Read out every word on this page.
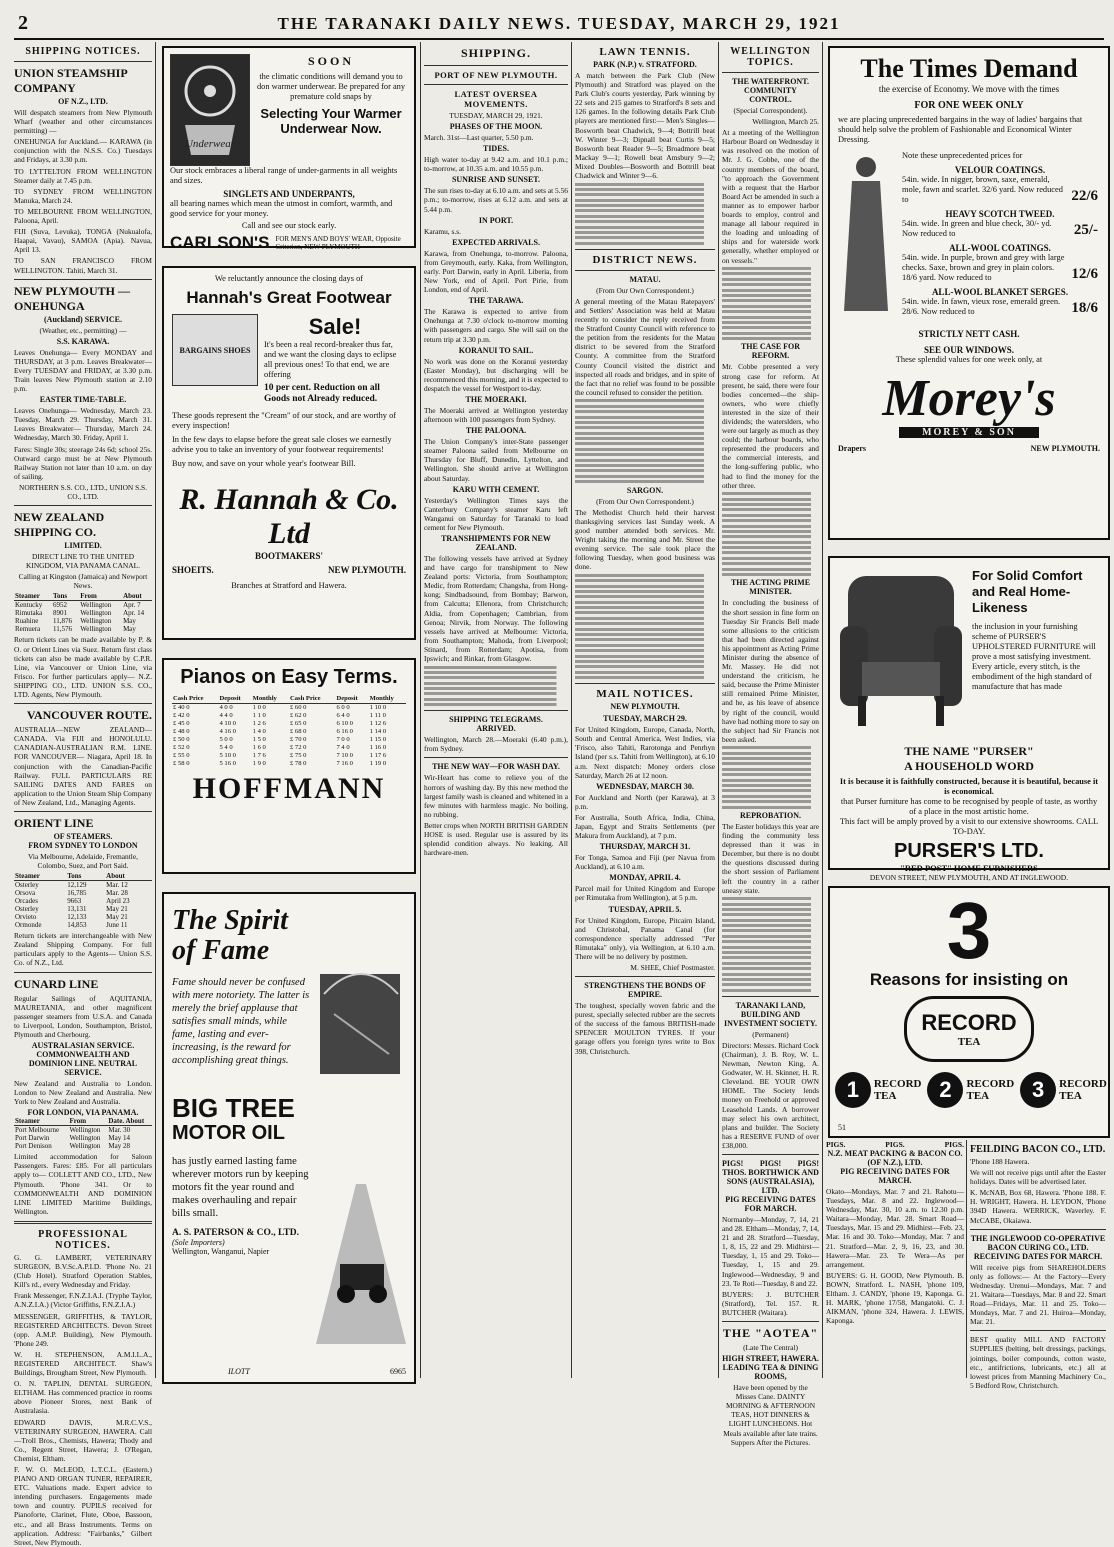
2	THE TARANAKI DAILY NEWS. TUESDAY, MARCH 29, 1921
SHIPPING NOTICES.
UNION STEAMSHIP COMPANY
OF N.Z., LTD.
Will despatch steamers from New Plymouth Wharf (weather and other circumstances permitting) —
ONEHUNGA for Auckland.— KARAWA (in conjunction with the N.S.S. Co.) Tuesdays and Fridays, at 3.30 p.m.
TO LYTTELTON FROM WELLINGTON Steamer daily at 7.45 p.m.
TO SYDNEY FROM WELLINGTON Manuka, March 24.
TO MELBOURNE FROM WELLINGTON, Paloona, April.
FIJI (Suva, Levuka), TONGA (Nukualofa, Haapai, Vavau), SAMOA (Apia). Navua, April 13.
TO SAN FRANCISCO FROM WELLINGTON. Tahiti, March 31.
NEW PLYMOUTH — ONEHUNGA
(Auckland) SERVICE.
(Weather, etc., permitting) —
S.S. KARAWA.
Leaves Onehunga— Every MONDAY and THURSDAY, at 3 p.m. Leaves Breakwater— Every TUESDAY and FRIDAY, at 3.30 p.m. Train leaves New Plymouth station at 2.10 p.m.
EASTER TIME-TABLE.
Leaves Onehunga— Wednesday, March 23. Tuesday, March 29. Thursday, March 31. Leaves Breakwater— Thursday, March 24. Wednesday, March 30. Friday, April 1.
Fares: Single 30s; steerage 24s 6d; school 25s. Outward cargo must be at New Plymouth Railway Station not later than 10 a.m. on day of sailing.
NORTHERN S.S. CO., LTD., UNION S.S. CO., LTD.
NEW ZEALAND SHIPPING CO.
LIMITED.
DIRECT LINE TO THE UNITED KINGDOM, VIA PANAMA CANAL.
Calling at Kingston (Jamaica) and Newport News.
Steamer	Tons	From	About
Kentucky	6952	Wellington	Apr. 7
Rimutaka	8901	Wellington	Apr. 14
Ruahine	11,876	Wellington	May
Remuera	11,576	Wellington	May
Return tickets can be made available by P. & O. or Orient Lines via Suez. Return first class tickets can also be made available by C.P.R. Line, via Vancouver or Union Line, via Frisco. For further particulars apply— N.Z. SHIPPING CO., LTD. UNION S.S. CO., LTD. Agents, New Plymouth.
VANCOUVER ROUTE.
AUSTRALIA—NEW ZEALAND—CANADA. Via FIJI and HONOLULU. CANADIAN-AUSTRALIAN R.M. LINE. FOR VANCOUVER— Niagara, April 18. In conjunction with the Canadian-Pacific Railway. FULL PARTICULARS RE SAILING DATES AND FARES on application to the Union Steam Ship Company of New Zealand, Ltd., Managing Agents.
ORIENT LINE
OF STEAMERS.
FROM SYDNEY TO LONDON
Via Melbourne, Adelaide, Fremantle, Colombo, Suez, and Port Said.
Steamer	Tons	About
Osterley	12,129	Mar. 12
Orsova	16,785	Mar. 28
Orcades	9663	April 23
Osterley	13,131	May 21
Orvieto	12,133	May 21
Ormonde	14,853	June 11
Return tickets are interchangeable with New Zealand Shipping Company. For full particulars apply to the Agents— Union S.S. Co. of N.Z., Ltd.
CUNARD LINE
Regular Sailings of AQUITANIA, MAURETANIA, and other magnificent passenger steamers from U.S.A. and Canada to Liverpool, London, Southampton, Bristol, Plymouth and Cherbourg.
AUSTRALASIAN SERVICE.
COMMONWEALTH AND DOMINION LINE. NEUTRAL SERVICE.
New Zealand and Australia to London. London to New Zealand and Australia. New York to New Zealand and Australia.
FOR LONDON, VIA PANAMA.
Steamer	From	Date. About
Port Melbourne	Wellington	Mar. 30
Port Darwin	Wellington	May 14
Port Denison	Wellington	May 28
Limited accommodation for Saloon Passengers. Fares: £85. For all particulars apply to— COLLETT AND CO., LTD., New Plymouth. 'Phone 341. Or to COMMONWEALTH AND DOMINION LINE LIMITED Maritime Buildings, Wellington.
PROFESSIONAL NOTICES.
G. G. LAMBERT, VETERINARY SURGEON, B.V.Sc.A.P.I.D. 'Phone No. 21 (Club Hotel). Stratford Operation Stables, Kill's rd., every Wednesday and Friday.
Frank Messenger, F.N.Z.I.A.I. (Tryphe Taylor, A.N.Z.I.A.) (Victor Griffiths, F.N.Z.I.A.)
MESSENGER, GRIFFITHS, & TAYLOR, REGISTERED ARCHITECTS. Devon Street (opp. A.M.P. Building), New Plymouth. 'Phone 249.
W. H. STEPHENSON, A.M.I.L.A., REGISTERED ARCHITECT. Shaw's Buildings, Brougham Street, New Plymouth.
O. N. TAPLIN, DENTAL SURGEON, ELTHAM. Has commenced practice in rooms above Pioneer Stores, next Bank of Australasia.
EDWARD DAVIS, M.R.C.V.S., VETERINARY SURGEON, HAWERA. Call—Troll Bros., Chemists, Hawera; Thody and Co., Regent Street, Hawera; J. O'Regan, Chemist, Eltham.
F. W. O. McLEOD, L.T.C.L. (Eastern.) PIANO AND ORGAN TUNER, REPAIRER, ETC. Valuations made. Expert advice to intending purchasers. Engagements made town and country. PUPILS received for Pianoforte, Clarinet, Flute, Oboe, Bassoon, etc., and all Brass Instruments. Terms on application. Address: "Fairbanks," Gilbert Street, New Plymouth.
Underwear
SOON
the climatic conditions will demand you to don warmer underwear. Be prepared for any premature cold snaps by
Selecting Your Warmer Underwear Now.
Our stock embraces a liberal range of under-garments in all weights and sizes.
SINGLETS AND UNDERPANTS,
all bearing names which mean the utmost in comfort, warmth, and good service for your money.
Call and see our stock early.
CARLSON'S FOR MEN'S AND BOYS' WEAR, Opposite Criterion, NEW PLYMOUTH
We reluctantly announce the closing days of
Hannah's Great Footwear
BARGAINS SHOES
Sale!
It's been a real record-breaker thus far, and we want the closing days to eclipse all previous ones! To that end, we are offering
10 per cent. Reduction on all Goods not Already reduced.
These goods represent the "Cream" of our stock, and are worthy of every inspection!
In the few days to elapse before the great sale closes we earnestly advise you to take an inventory of your footwear requirements!
Buy now, and save on your whole year's footwear Bill.
R. Hannah & Co. Ltd
BOOTMAKERS'
SHOEITS.	NEW PLYMOUTH.
Branches at Stratford and Hawera.
Pianos on Easy Terms.
Cash Price	Deposit	Monthly	Cash Price	Deposit	Monthly
£ 40 0	4 0 0	1 0 0	£ 60 0	6 0 0	1 10 0
£ 42 0	4 4 0	1 1 0	£ 62 0	6 4 0	1 11 0
£ 45 0	4 10 0	1 2 6	£ 65 0	6 10 0	1 12 6
£ 48 0	4 16 0	1 4 0	£ 68 0	6 16 0	1 14 0
£ 50 0	5 0 0	1 5 0	£ 70 0	7 0 0	1 15 0
£ 52 0	5 4 0	1 6 0	£ 72 0	7 4 0	1 16 0
£ 55 0	5 10 0	1 7 6	£ 75 0	7 10 0	1 17 6
£ 58 0	5 16 0	1 9 0	£ 78 0	7 16 0	1 19 0
HOFFMANN
The Spirit of Fame
Fame should never be confused with mere notoriety. The latter is merely the brief applause that satisfies small minds, while fame, lasting and ever-increasing, is the reward for accomplishing great things.
BIG TREE
MOTOR OIL
has justly earned lasting fame wherever motors run by keeping motors fit the year round and makes overhauling and repair bills small.
A. S. PATERSON & CO., LTD.
(Sole Importers)
Wellington, Wanganui, Napier
ILOTT	6965
SHIPPING.
PORT OF NEW PLYMOUTH.
LATEST OVERSEA MOVEMENTS.
TUESDAY, MARCH 29, 1921.
PHASES OF THE MOON.
March. 31st—Last quarter, 5.50 p.m.
TIDES.
High water to-day at 9.42 a.m. and 10.1 p.m.; to-morrow, at 10.35 a.m. and 10.55 p.m.
SUNRISE AND SUNSET.
The sun rises to-day at 6.10 a.m. and sets at 5.56 p.m.; to-morrow, rises at 6.12 a.m. and sets at 5.44 p.m.
IN PORT.
Karamu, s.s.
EXPECTED ARRIVALS.
Karawa, from Onehunga, to-morrow. Paloona, from Greymouth, early. Kaka, from Wellington, early. Port Darwin, early in April. Liberia, from New York, end of April. Port Pirie, from London, end of April.
THE TARAWA.
The Karawa is expected to arrive from Onehunga at 7.30 o'clock to-morrow morning with passengers and cargo. She will sail on the return trip at 3.30 p.m.
KORANUI TO SAIL.
No work was done on the Koranui yesterday (Easter Monday), but discharging will be recommenced this morning, and it is expected to despatch the vessel for Westport to-day.
THE MOERAKI.
The Moeraki arrived at Wellington yesterday afternoon with 100 passengers from Sydney.
THE PALOONA.
The Union Company's inter-State passenger steamer Paloona sailed from Melbourne on Thursday for Bluff, Dunedin, Lyttelton, and Wellington. She should arrive at Wellington about Saturday.
KARU WITH CEMENT.
Yesterday's Wellington Times says the Canterbury Company's steamer Karu left Wanganui on Saturday for Taranaki to load cement for New Plymouth.
TRANSHIPMENTS FOR NEW ZEALAND.
The following vessels have arrived at Sydney and have cargo for transhipment to New Zealand ports: Victoria, from Southampton; Medic, from Rotterdam; Changsha, from Hong-kong; Sindbadsound, from Bombay; Barwon, from Calcutta; Ellenora, from Christchurch; Aldia, from Copenhagen; Cambrian, from Genoa; Nirvik, from Norway. The following vessels have arrived at Melbourne: Victoria, from Southampton; Mahoda, from Liverpool; Stinard, from Rotterdam; Apotisa, from Ipswich; and Rinkar, from Glasgow.
SHIPPING TELEGRAMS.
ARRIVED.
Wellington, March 28.—Moeraki (6.40 p.m.), from Sydney.
THE NEW WAY—FOR WASH DAY.
Wir-Heart has come to relieve you of the horrors of washing day. By this new method the largest family wash is cleaned and whitened in a few minutes with harmless magic. No boiling, no rubbing.
Better crops when NORTH BRITISH GARDEN HOSE is used. Regular use is assured by its splendid condition always. No leaking. All hardware-men.
LAWN TENNIS.
PARK (N.P.) v. STRATFORD.
A match between the Park Club (New Plymouth) and Stratford was played on the Park Club's courts yesterday, Park winning by 22 sets and 215 games to Stratford's 8 sets and 126 games. In the following details Park Club players are mentioned first:— Men's Singles—Bosworth beat Chadwick, 9—4; Bottrill beat W. Winter 9—3; Dipnall beat Curtis 9—5; Bosworth beat Reader 9—5; Broadmore beat Mackay 9—1; Rowell beat Amsbury 9—2; Mixed Doubles—Bosworth and Bottrill beat Chadwick and Winter 9—6.
DISTRICT NEWS.
MATAU.
(From Our Own Correspondent.)
A general meeting of the Matau Ratepayers' and Settlers' Association was held at Matau recently to consider the reply received from the Stratford County Council with reference to the petition from the residents for the Matau district to be severed from the Stratford County. A committee from the Stratford County Council visited the district and inspected all roads and bridges, and in spite of the fact that no relief was found to be possible the council refused to consider the petition.
SARGON.
(From Our Own Correspondent.)
The Methodist Church held their harvest thanksgiving services last Sunday week. A good number attended both services. Mr. Wright taking the morning and Mr. Street the evening service. The sale took place the following Tuesday, when good business was done.
MAIL NOTICES.
NEW PLYMOUTH.
TUESDAY, MARCH 29.
For United Kingdom, Europe, Canada, North, South and Central America, West Indies, via 'Frisco, also Tahiti, Rarotonga and Penrhyn Island (per s.s. Tahiti from Wellington), at 6.10 a.m. Next dispatch: Money orders close Saturday, March 26 at 12 noon.
WEDNESDAY, MARCH 30.
For Auckland and North (per Karawa), at 3 p.m.
For Australia, South Africa, India, China, Japan, Egypt and Straits Settlements (per Makura from Auckland), at 7 p.m.
THURSDAY, MARCH 31.
For Tonga, Samoa and Fiji (per Navua from Auckland), at 6.10 a.m.
MONDAY, APRIL 4.
Parcel mail for United Kingdom and Europe per Rimutaka from Wellington), at 5 p.m.
TUESDAY, APRIL 5.
For United Kingdom, Europe, Pitcairn Island, and Christobal, Panama Canal (for correspondence specially addressed "Per Rimutaka" only), via Wellington, at 6.10 a.m. There will be no delivery by postmen.
M. SHEE, Chief Postmaster.
STRENGTHENS THE BONDS OF EMPIRE.
The toughest, specially woven fabric and the purest, specially selected rubber are the secrets of the success of the famous BRITISH-made SPENCER MOULTON TYRES. If your garage offers you foreign tyres write to Box 398, Christchurch.
WELLINGTON TOPICS.
THE WATERFRONT.
COMMUNITY CONTROL.
(Special Correspondent).
Wellington, March 25.
At a meeting of the Wellington Harbour Board on Wednesday it was resolved on the motion of Mr. J. G. Cobbe, one of the country members of the board, "to approach the Government with a request that the Harbor Board Act be amended in such a manner as to empower harbor boards to employ, control and manage all labour required in the loading and unloading of ships and for waterside work generally, whether employed or on vessels."
THE CASE FOR REFORM.
Mr. Cobbe presented a very strong case for reform. At present, he said, there were four bodies concerned—the ship-owners, who were chiefly interested in the size of their dividends; the waterslders, who were out largely as much as they could; the harbour boards, who represented the producers and the commercial interests, and the long-suffering public, who had to find the money for the other three.
THE ACTING PRIME MINISTER.
In concluding the business of the short session in fine form on Tuesday Sir Francis Bell made some allusions to the criticism that had been directed against his appointment as Acting Prime Minister during the absence of Mr. Massey. He did not understand the criticism, he said, because the Prime Minister still remained Prime Minister, and he, as his leave of absence by right of the council, would have had nothing more to say on the subject had Sir Francis not been asked.
REPROBATION.
The Easter holidays this year are finding the community less depressed than it was in December, but there is no doubt the questions discussed during the short session of Parliament left the country in a rather uneasy state.
TARANAKI LAND, BUILDING AND INVESTMENT SOCIETY.
(Permanent)
Directors: Messrs. Richard Cock (Chairman), J. B. Roy, W. L. Newman, Newton King, A. Godwater, W. H. Skinner, H. R. Cleveland. BE YOUR OWN HOME. The Society lends money on Freehold or approved Leasehold Lands. A borrower may select his own architect, plans and builder. The Society has a RESERVE FUND of over £38,000.
PIGS! PIGS! PIGS!
THOS. BORTHWICK AND SONS (AUSTRALASIA), LTD.
PIG RECEIVING DATES FOR MARCH.
Normanby—Monday, 7, 14, 21 and 28. Eltham—Monday, 7, 14, 21 and 28. Stratford—Tuesday, 1, 8, 15, 22 and 29. Midhirst—Tuesday, 1, 15 and 29. Toko—Tuesday, 1, 15 and 29. Inglewood—Wednesday, 9 and 23. Te Roti—Tuesday, 8 and 22.
BUYERS: J. BUTCHER (Stratford), Tel. 157. R. BUTCHER (Waitara).
THE "AOTEA"
(Late The Central)
HIGH STREET, HAWERA.
LEADING TEA & DINING ROOMS,
Have been opened by the Misses Cane. DAINTY MORNING & AFTERNOON TEAS, HOT DINNERS & LIGHT LUNCHEONS. Hot Meals available after late trains. Suppers After the Pictures.
The Times Demand
the exercise of Economy. We move with the times
FOR ONE WEEK ONLY
we are placing unprecedented bargains in the way of ladies' bargains that should help solve the problem of Fashionable and Economical Winter Dressing.
Note these unprecedented prices for
VELOUR COATINGS.
54in. wide. In nigger, brown, saxe, emerald, mole, fawn and scarlet. 32/6 yard. Now reduced to	22/6
HEAVY SCOTCH TWEED.
54in. wide. In green and blue check, 30/- yd. Now reduced to	25/-
ALL-WOOL COATINGS.
54in. wide. In purple, brown and grey with large checks. Saxe, brown and grey in plain colors. 18/6 yard. Now reduced to	12/6
ALL-WOOL BLANKET SERGES.
54in. wide. In fawn, vieux rose, emerald green. 28/6. Now reduced to	18/6
STRICTLY NETT CASH.
SEE OUR WINDOWS.
These splendid values for one week only, at
Morey's
MOREY & SON
Drapers	NEW PLYMOUTH.
For Solid Comfort and Real Home-Likeness
the inclusion in your furnishing scheme of PURSER'S UPHOLSTERED FURNITURE will prove a most satisfying investment. Every article, every stitch, is the embodiment of the high standard of manufacture that has made
THE NAME "PURSER"
A HOUSEHOLD WORD
It is because it is faithfully constructed, because it is beautiful, because it is economical.
that Purser furniture has come to be recognised by people of taste, as worthy of a place in the most artistic home.
This fact will be amply proved by a visit to our extensive showrooms. CALL TO-DAY.
PURSER'S LTD.
"RED POST" HOME FURNISHERS
DEVON STREET, NEW PLYMOUTH, AND AT INGLEWOOD.
3
Reasons for insisting on
RECORD
TEA
1	RECORD TEA	2	RECORD TEA	3	RECORD TEA
51
PIGS.	PIGS.	PIGS.
N.Z. MEAT PACKING & BACON CO. (OF N.Z.), LTD.
PIG RECEIVING DATES FOR MARCH.
Okato—Mondays, Mar. 7 and 21. Rahotu—Tuesdays, Mar. 8 and 22. Inglewood—Wednesday, Mar. 30, 10 a.m. to 12.30 p.m. Waitara—Monday, Mar. 28. Smart Road—Tuesdays, Mar. 15 and 29. Midhirst—Feb. 23, Mar. 16 and 30. Toko—Monday, Mar. 7 and 21. Stratford—Mar. 2, 9, 16, 23, and 30. Hawera—Mar. 23. Te Wera—As per arrangement.
BUYERS: G. H. GOOD, New Plymouth. B. BOWN, Stratford. L. NASH, 'phone 109, Eltham. J. CANDY, 'phone 19, Kaponga. G. H. MARK, 'phone 17/58, Mangatoki. C. J. AIKMAN, 'phone 324, Hawera. J. LEWIS, Kaponga.
FEILDING BACON CO., LTD.
'Phone 188 Hawera.
We will not receive pigs until after the Easter holidays. Dates will be advertised later.
K. McNAB, Box 68, Hawera. 'Phone 188. F. H. WRIGHT, Hawera. H. LEYDON, 'Phone 394D Hawera. WERRICK, Waverley. F. McCABE, Okaiawa.
THE INGLEWOOD CO-OPERATIVE BACON CURING CO., LTD.
RECEIVING DATES FOR MARCH.
Will receive pigs from SHAREHOLDERS only as follows:— At the Factory—Every Wednesday. Urenui—Mondays, Mar. 7 and 21. Waitara—Tuesdays, Mar. 8 and 22. Smart Road—Fridays, Mar. 11 and 25. Toko—Mondays, Mar. 7 and 21. Huiroa—Monday, Mar. 21.
BEST quality MILL AND FACTORY SUPPLIES (belting, belt dressings, packings, jointings, boiler compounds, cotton waste, etc., antifrictions, lubricants, etc.) all at lowest prices from Manning Machinery Co., 5 Bedford Row, Christchurch.
